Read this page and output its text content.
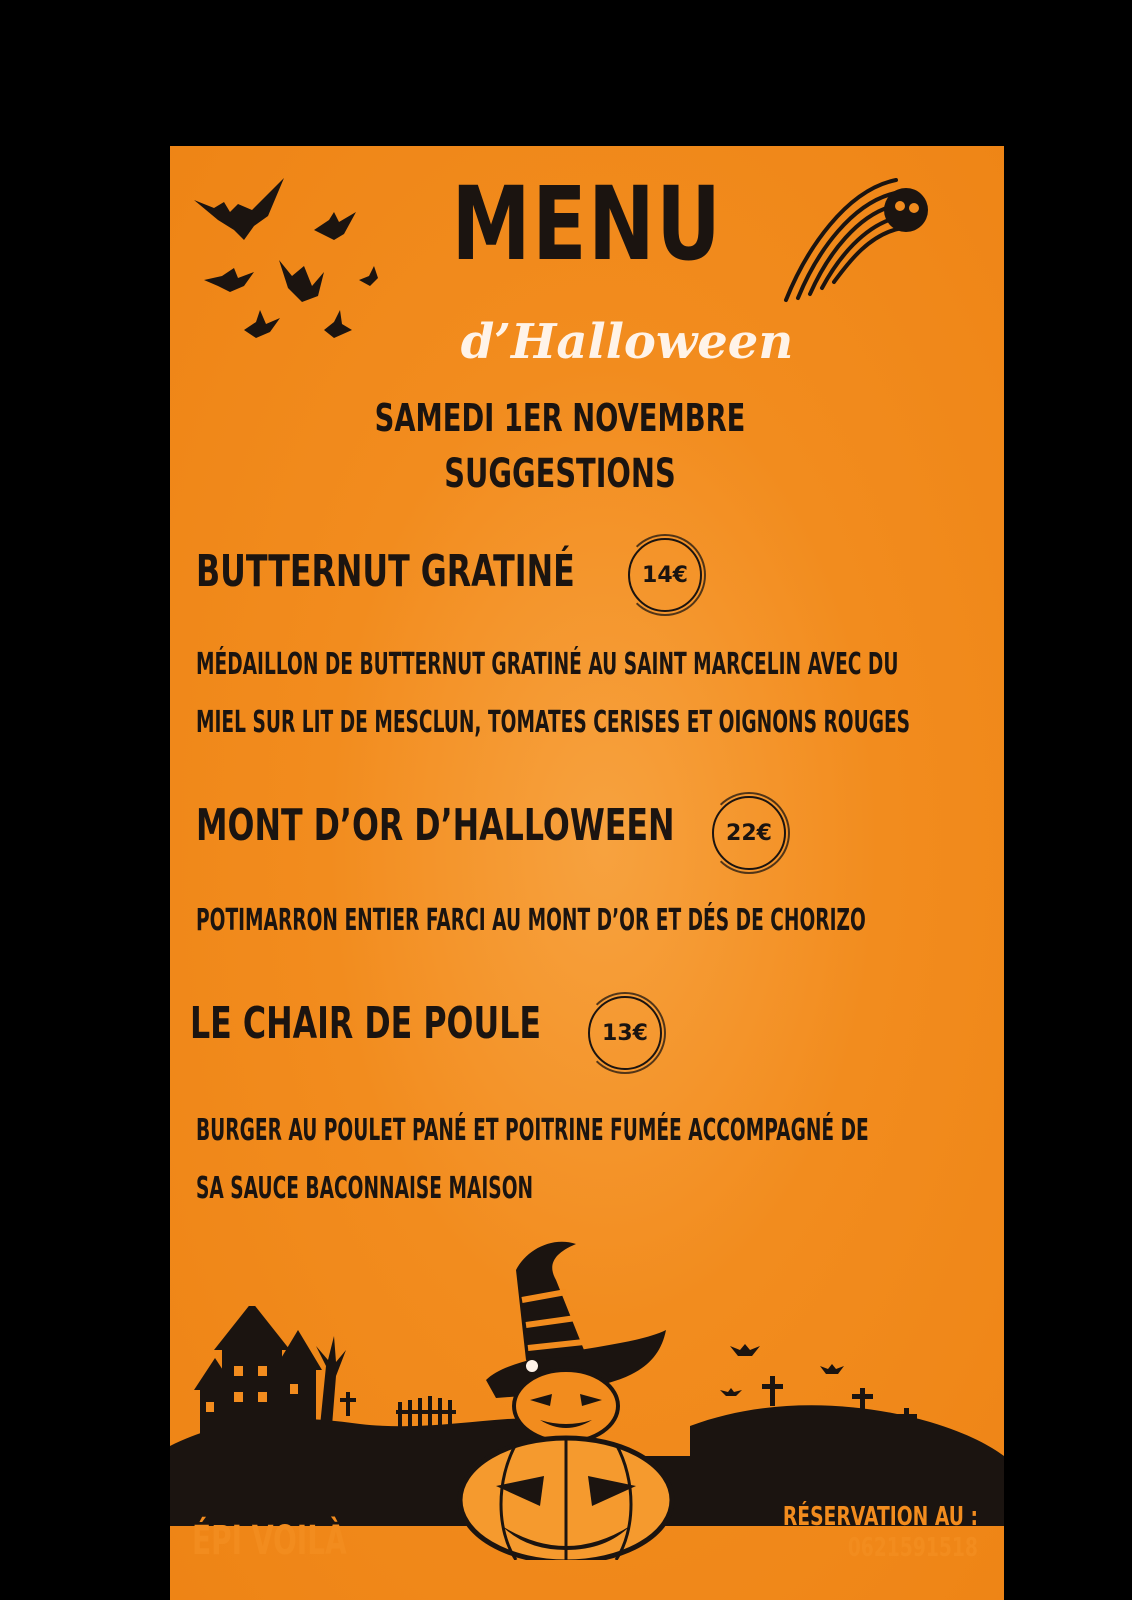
MENU
d’Halloween
SAMEDI 1ER NOVEMBRE
SUGGESTIONS
BUTTERNUT GRATINÉ	14€
MÉDAILLON DE BUTTERNUT GRATINÉ AU SAINT MARCELIN AVEC DU
MIEL SUR LIT DE MESCLUN, TOMATES CERISES ET OIGNONS ROUGES
MONT D’OR D’HALLOWEEN	22€
POTIMARRON ENTIER FARCI AU MONT D’OR ET DÉS DE CHORIZO
LE CHAIR DE POULE	13€
BURGER AU POULET PANÉ ET POITRINE FUMÉE ACCOMPAGNÉ DE
SA SAUCE BACONNAISE MAISON
ÉPI VOILÀ
RÉSERVATION AU :
0621591518
